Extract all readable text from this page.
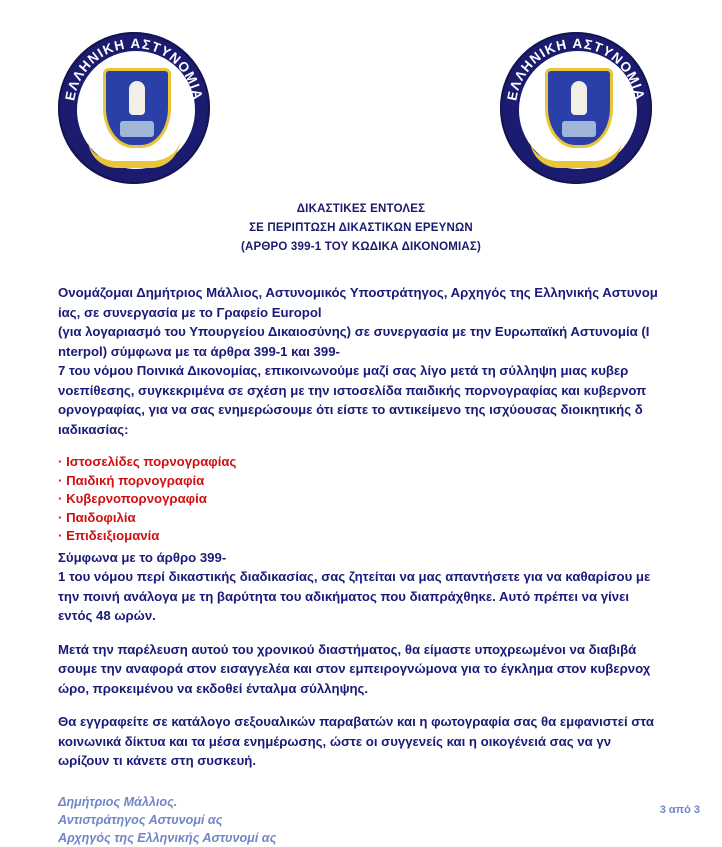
ΕΛΛΗΝΙΚΗ ΑΣΤΥΝΟΜΙΑ	ΕΛΛΗΝΙΚΗ ΑΣΤΥΝΟΜΙΑ
ΔΙΚΑΣΤΙΚΕΣ ΕΝΤΟΛΕΣ
ΣΕ ΠΕΡΙΠΤΩΣΗ ΔΙΚΑΣΤΙΚΩΝ ΕΡΕΥΝΩΝ
(ΑΡΘΡΟ 399-1 ΤΟΥ ΚΩΔΙΚΑ ΔΙΚΟΝΟΜΙΑΣ)

Ονομάζομαι Δημήτριος Μάλλιος, Αστυνομικός Υποστράτηγος, Αρχηγός της Ελληνικής Αστυνομ ίας, σε συνεργασία με το Γραφείο Europol

(για λογαριασμό του Υπουργείου Δικαιοσύνης) σε συνεργασία με την Ευρωπαϊκή Αστυνομία (I nterpol) σύμφωνα με τα άρθρα 399-1 και 399-

7 του νόμου Ποινικά Δικονομίας, επικοινωνούμε μαζί σας λίγο μετά τη σύλληψη μιας κυβερ νοεπίθεσης, συγκεκριμένα σε σχέση με την ιστοσελίδα παιδικής πορνογραφίας και κυβερνοπ ορνογραφίας, για να σας ενημερώσουμε ότι είστε το αντικείμενο της ισχύουσας διοικητικής δ ιαδικασίας:

· Ιστοσελίδες πορνογραφίας
· Παιδική πορνογραφία
· Κυβερνοπορνογραφία
· Παιδοφιλία
· Επιδειξιομανία

Σύμφωνα με το άρθρο 399-

1 του νόμου περί δικαστικής διαδικασίας, σας ζητείται να μας απαντήσετε για να καθαρίσου με την ποινή ανάλογα με τη βαρύτητα του αδικήματος που διαπράχθηκε. Αυτό πρέπει να γίνει εντός 48 ωρών.

Μετά την παρέλευση αυτού του χρονικού διαστήματος, θα είμαστε υποχρεωμένοι να διαβιβά σουμε την αναφορά στον εισαγγελέα και στον εμπειρογνώμονα για το έγκλημα στον κυβερνοχ ώρο, προκειμένου να εκδοθεί ένταλμα σύλληψης.

Θα εγγραφείτε σε κατάλογο σεξουαλικών παραβατών και η φωτογραφία σας θα εμφανιστεί στα κοινωνικά δίκτυα και τα μέσα ενημέρωσης, ώστε οι συγγενείς και η οικογένειά σας να γν ωρίζουν τι κάνετε στη συσκευή.

Δημήτριος Μάλλιος.
Αντιστράτηγος Αστυνομί ας
Αρχηγός της Ελληνικής Αστυνομί ας
3 από 3
